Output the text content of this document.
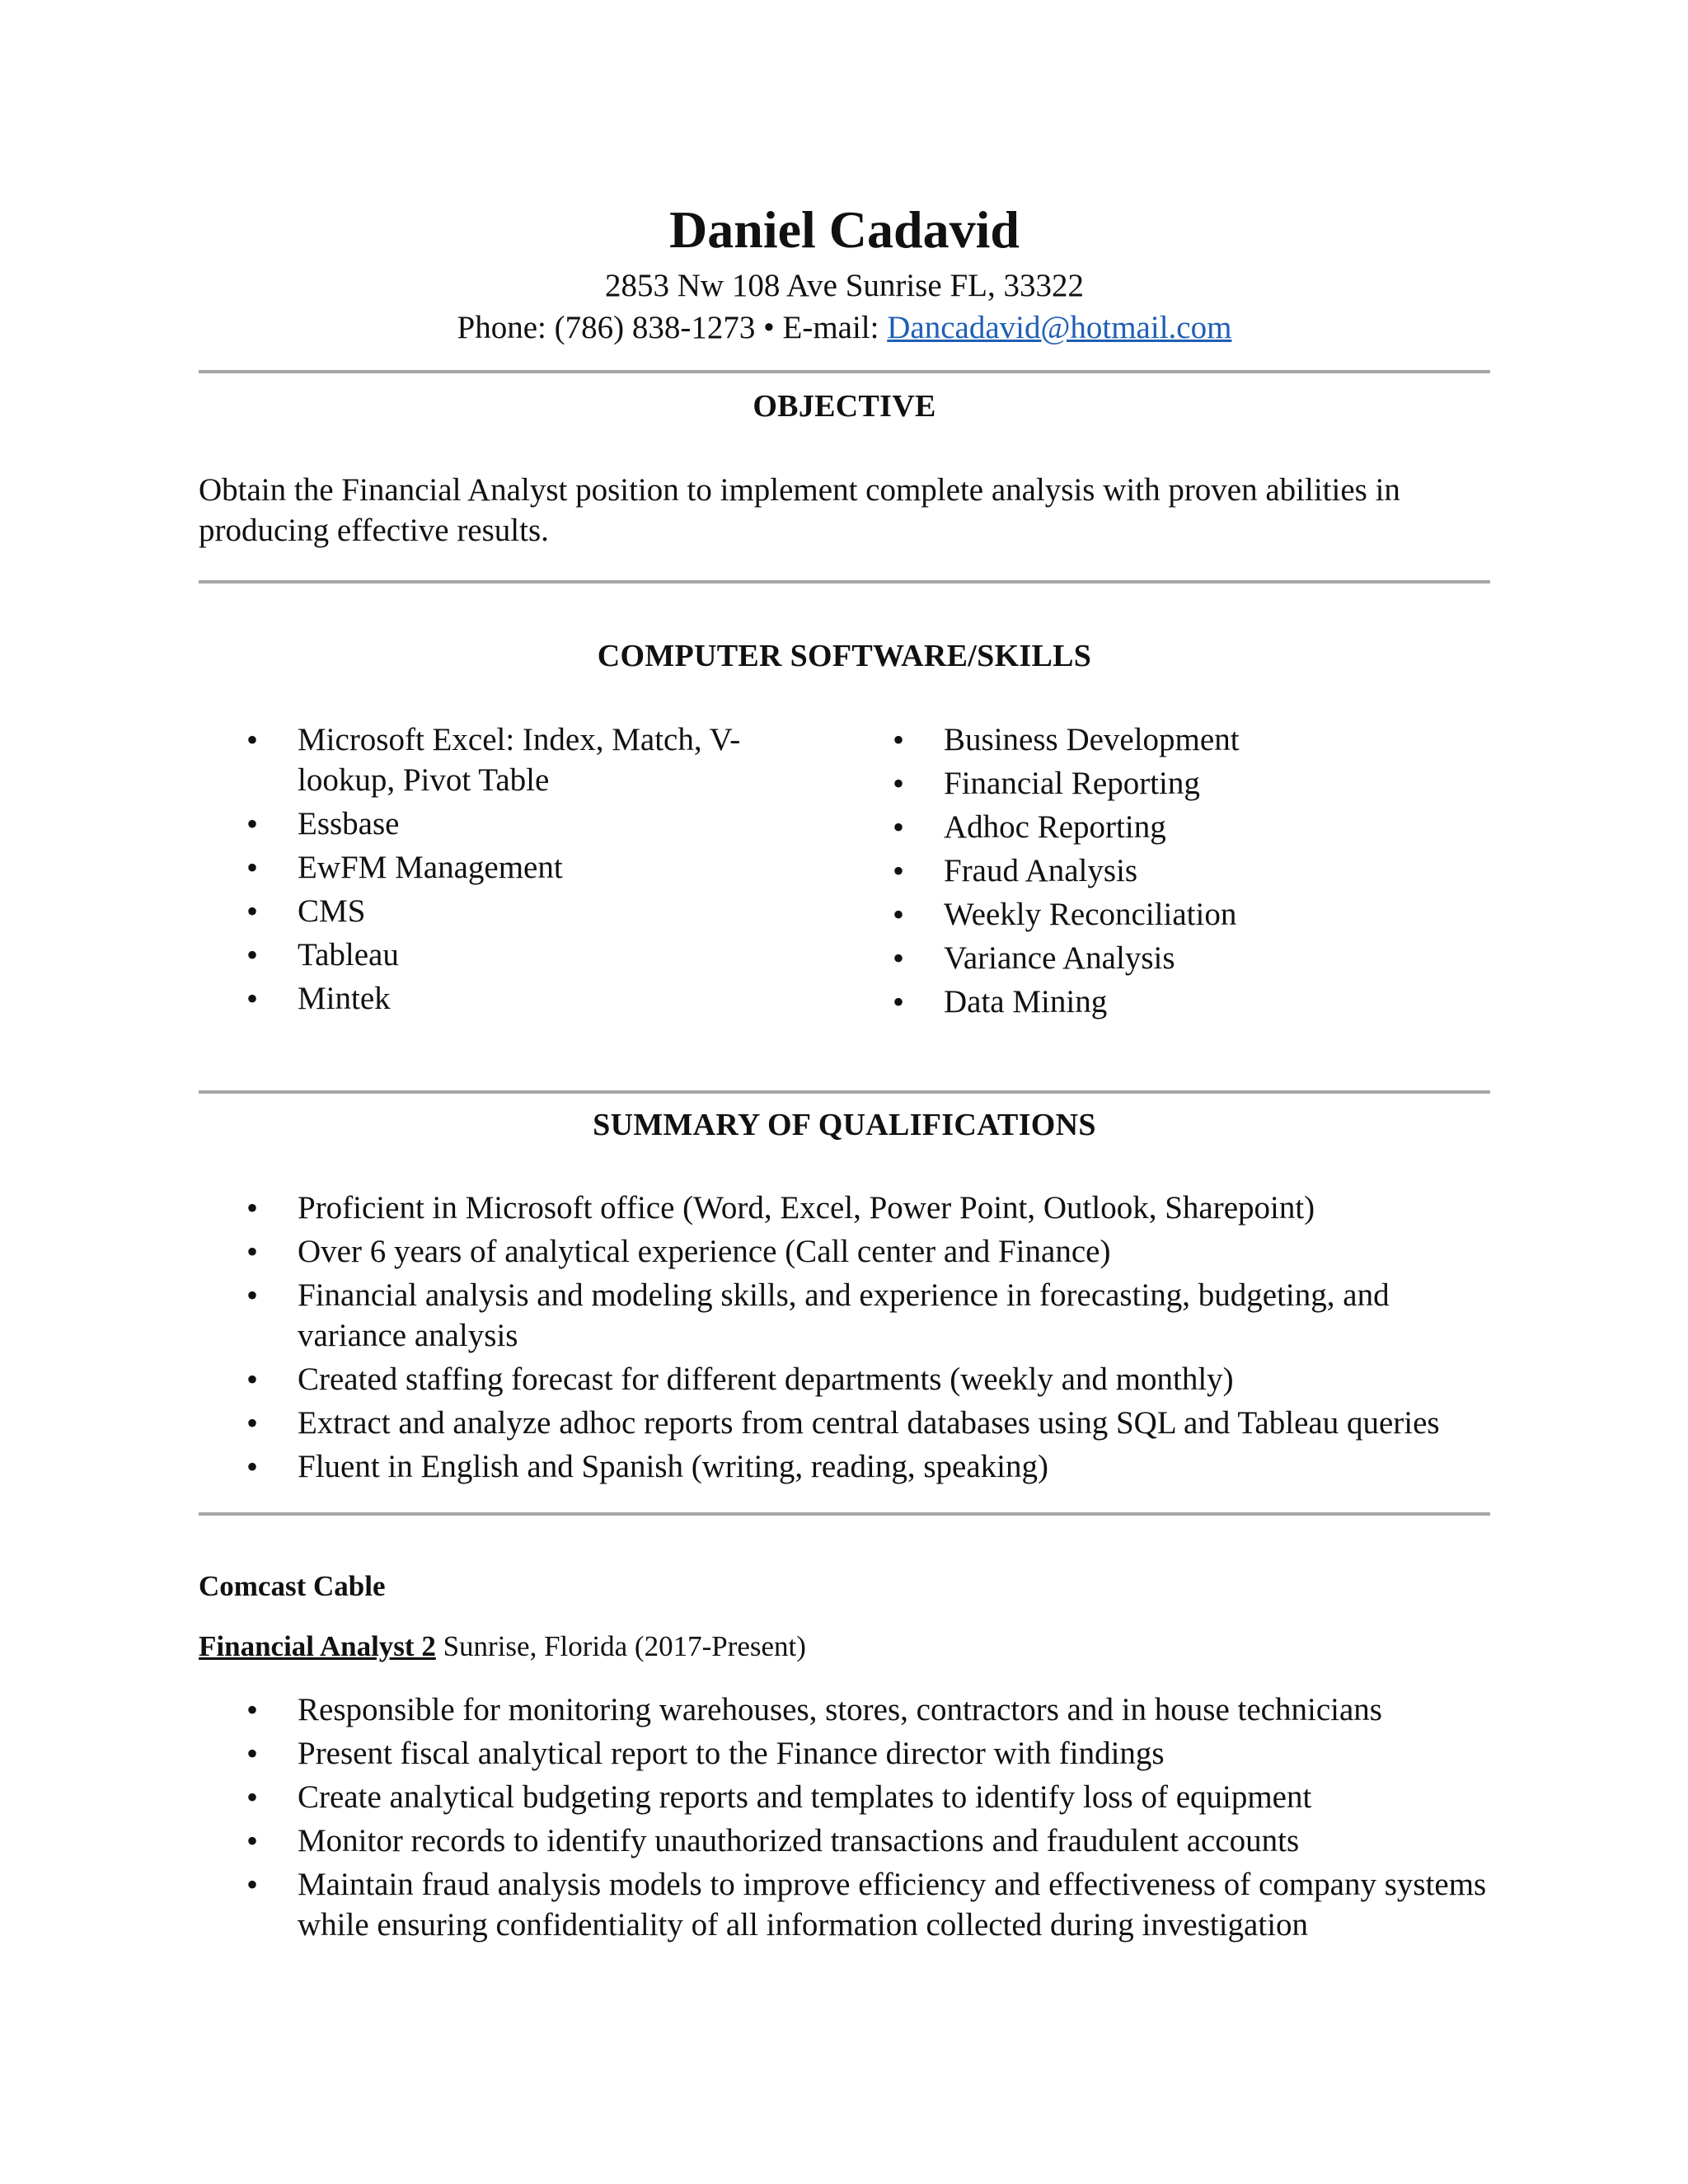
Daniel Cadavid

2853 Nw 108 Ave Sunrise FL, 33322

Phone: (786) 838-1273 • E-mail: Dancadavid@hotmail.com

OBJECTIVE

Obtain the Financial Analyst position to implement complete analysis with proven abilities in producing effective results.

COMPUTER SOFTWARE/SKILLS
• Microsoft Excel: Index, Match, V-lookup, Pivot Table
• Essbase
• EwFM Management
• CMS
• Tableau
• Mintek
• Business Development
• Financial Reporting
• Adhoc Reporting
• Fraud Analysis
• Weekly Reconciliation
• Variance Analysis
• Data Mining
SUMMARY OF QUALIFICATIONS
• Proficient in Microsoft office (Word, Excel, Power Point, Outlook, Sharepoint)
• Over 6 years of analytical experience (Call center and Finance)
• Financial analysis and modeling skills, and experience in forecasting, budgeting, and variance analysis
• Created staffing forecast for different departments (weekly and monthly)
• Extract and analyze adhoc reports from central databases using SQL and Tableau queries
• Fluent in English and Spanish (writing, reading, speaking)

Comcast Cable

Financial Analyst 2 Sunrise, Florida (2017-Present)

• Responsible for monitoring warehouses, stores, contractors and in house technicians
• Present fiscal analytical report to the Finance director with findings
• Create analytical budgeting reports and templates to identify loss of equipment
• Monitor records to identify unauthorized transactions and fraudulent accounts
• Maintain fraud analysis models to improve efficiency and effectiveness of company systems while ensuring confidentiality of all information collected during investigation
